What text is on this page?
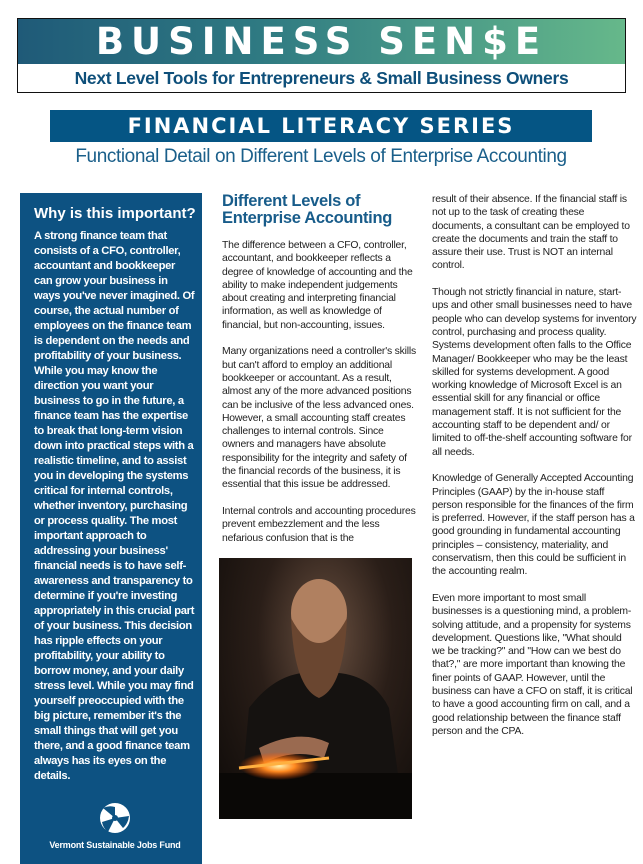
BUSINESS SEN$E
Next Level Tools for Entrepreneurs & Small Business Owners
FINANCIAL LITERACY SERIES
Functional Detail on Different Levels of Enterprise Accounting
Why is this important?

A strong finance team that consists of a CFO, controller, accountant and bookkeeper can grow your business in ways you've never imagined. Of course, the actual number of employees on the finance team is dependent on the needs and profitability of your business. While you may know the direction you want your business to go in the future, a finance team has the expertise to break that long-term vision down into practical steps with a realistic timeline, and to assist you in developing the systems critical for internal controls, whether inventory, purchasing or process quality. The most important approach to addressing your business' financial needs is to have self-awareness and transparency to determine if you're investing appropriately in this crucial part of your business. This decision has ripple effects on your profitability, your ability to borrow money, and your daily stress level. While you may find yourself preoccupied with the big picture, remember it's the small things that will get you there, and a good finance team always has its eyes on the details.

Vermont Sustainable Jobs Fund
Different Levels of
Enterprise Accounting

The difference between a CFO, controller, accountant, and bookkeeper reflects a degree of knowledge of accounting and the ability to make independent judgements about creating and interpreting financial information, as well as knowledge of financial, but non-accounting, issues.

Many organizations need a controller's skills but can't afford to employ an additional bookkeeper or accountant. As a result, almost any of the more advanced positions can be inclusive of the less advanced ones. However, a small accounting staff creates challenges to internal controls. Since owners and managers have absolute responsibility for the integrity and safety of the financial records of the business, it is essential that this issue be addressed.

Internal controls and accounting procedures prevent embezzlement and the less nefarious confusion that is the

result of their absence. If the financial staff is not up to the task of creating these documents, a consultant can be employed to create the documents and train the staff to assure their use. Trust is NOT an internal control.

Though not strictly financial in nature, start-ups and other small businesses need to have people who can develop systems for inventory control, purchasing and process quality. Systems development often falls to the Office Manager/ Bookkeeper who may be the least skilled for systems development. A good working knowledge of Microsoft Excel is an essential skill for any financial or office management staff. It is not sufficient for the accounting staff to be dependent and/ or limited to off-the-shelf accounting software for all needs.

Knowledge of Generally Accepted Accounting Principles (GAAP) by the in-house staff person responsible for the finances of the firm is preferred. However, if the staff person has a good grounding in fundamental accounting principles – consistency, materiality, and conservatism, then this could be sufficient in the accounting realm.

Even more important to most small businesses is a questioning mind, a problem-solving attitude, and a propensity for systems development. Questions like, "What should we be tracking?" and "How can we best do that?," are more important than knowing the finer points of GAAP. However, until the business can have a CFO on staff, it is critical to have a good accounting firm on call, and a good relationship between the finance staff person and the CPA.
